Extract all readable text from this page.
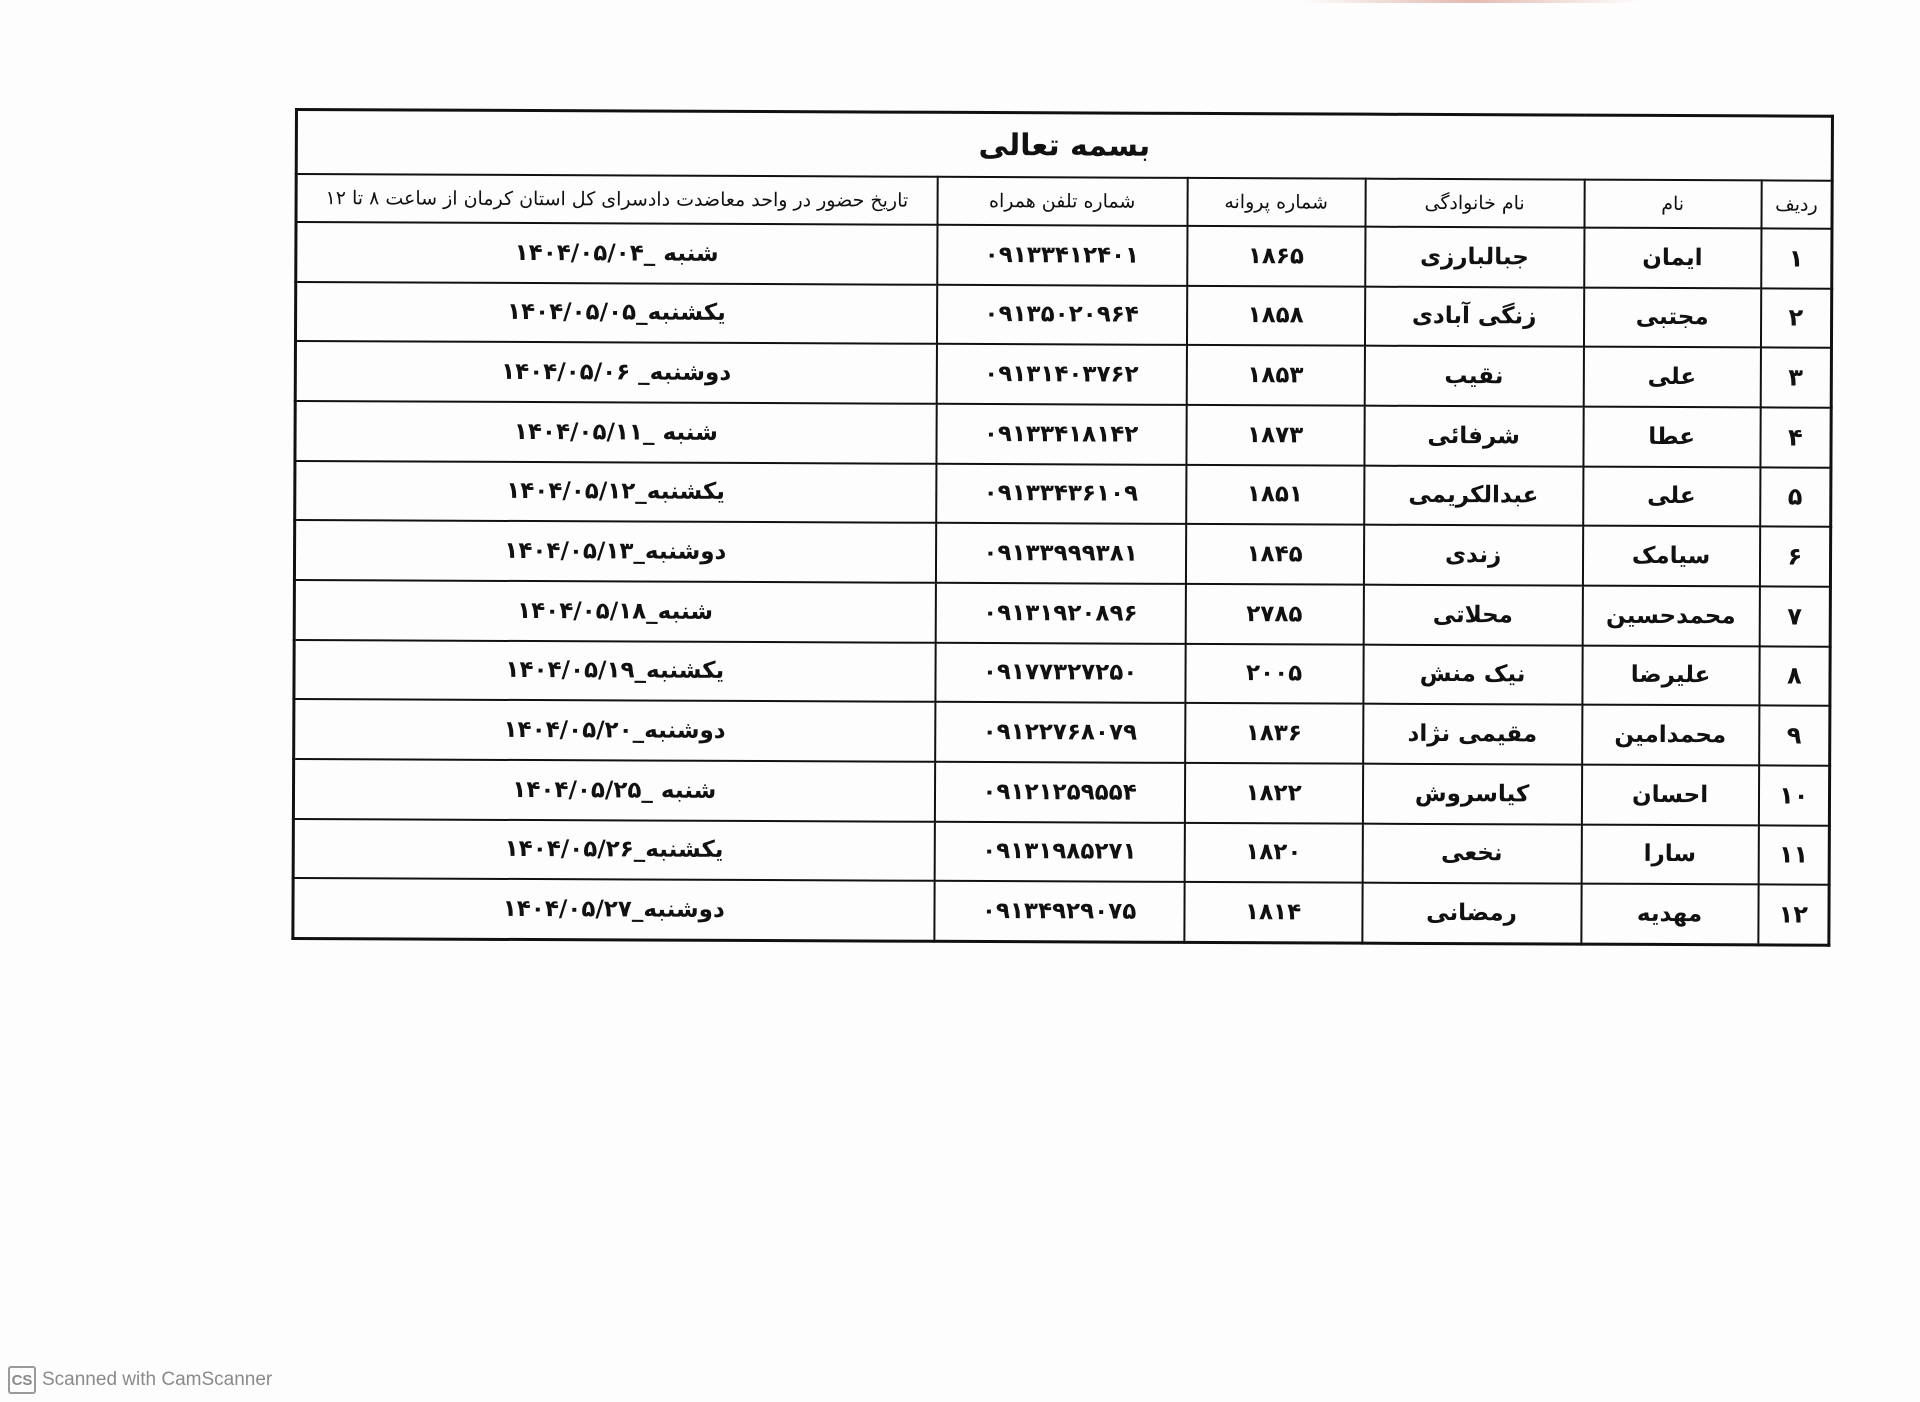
بسمه تعالی					
ردیف	نام	نام خانوادگی	شماره پروانه	شماره تلفن همراه	تاریخ حضور در واحد معاضدت دادسرای کل استان کرمان از ساعت ۸ تا ۱۲
۱	ایمان	جبالبارزی	۱۸۶۵	۰۹۱۳۳۴۱۲۴۰۱	شنبه _۱۴۰۴/۰۵/۰۴
۲	مجتبی	زنگی آبادی	۱۸۵۸	۰۹۱۳۵۰۲۰۹۶۴	یکشنبه_۱۴۰۴/۰۵/۰۵
۳	علی	نقیب	۱۸۵۳	۰۹۱۳۱۴۰۳۷۶۲	دوشنبه_ ۱۴۰۴/۰۵/۰۶
۴	عطا	شرفائی	۱۸۷۳	۰۹۱۳۳۴۱۸۱۴۲	شنبه _۱۴۰۴/۰۵/۱۱
۵	علی	عبدالکریمی	۱۸۵۱	۰۹۱۳۳۴۳۶۱۰۹	یکشنبه_۱۴۰۴/۰۵/۱۲
۶	سیامک	زندی	۱۸۴۵	۰۹۱۳۳۹۹۹۳۸۱	دوشنبه_۱۴۰۴/۰۵/۱۳
۷	محمدحسین	محلاتی	۲۷۸۵	۰۹۱۳۱۹۲۰۸۹۶	شنبه_۱۴۰۴/۰۵/۱۸
۸	علیرضا	نیک منش	۲۰۰۵	۰۹۱۷۷۳۲۷۲۵۰	یکشنبه_۱۴۰۴/۰۵/۱۹
۹	محمدامین	مقیمی نژاد	۱۸۳۶	۰۹۱۲۲۷۶۸۰۷۹	دوشنبه_۱۴۰۴/۰۵/۲۰
۱۰	احسان	کیاسروش	۱۸۲۲	۰۹۱۲۱۲۵۹۵۵۴	شنبه _۱۴۰۴/۰۵/۲۵
۱۱	سارا	نخعی	۱۸۲۰	۰۹۱۳۱۹۸۵۲۷۱	یکشنبه_۱۴۰۴/۰۵/۲۶
۱۲	مهدیه	رمضانی	۱۸۱۴	۰۹۱۳۴۹۲۹۰۷۵	دوشنبه_۱۴۰۴/۰۵/۲۷
CS Scanned with CamScanner
